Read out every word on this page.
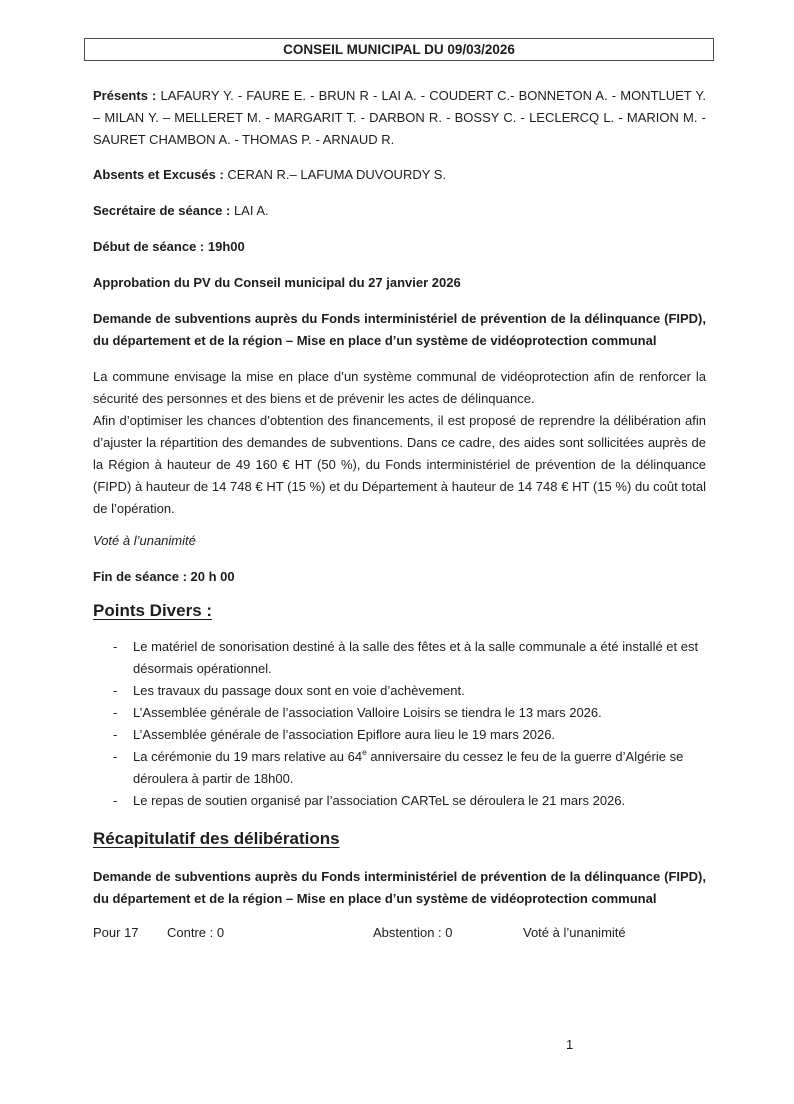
CONSEIL MUNICIPAL DU 09/03/2026

Présents : LAFAURY Y. - FAURE E. - BRUN R - LAI A. - COUDERT C.- BONNETON A. - MONTLUET Y. – MILAN Y. – MELLERET M. - MARGARIT T. - DARBON R. - BOSSY C. - LECLERCQ L. - MARION M. - SAURET CHAMBON A. - THOMAS P. - ARNAUD R.

Absents et Excusés : CERAN R.– LAFUMA DUVOURDY S.

Secrétaire de séance : LAI A.

Début de séance : 19h00

Approbation du PV du Conseil municipal du 27 janvier 2026

Demande de subventions auprès du Fonds interministériel de prévention de la délinquance (FIPD), du département et de la région – Mise en place d’un système de vidéoprotection communal

La commune envisage la mise en place d’un système communal de vidéoprotection afin de renforcer la sécurité des personnes et des biens et de prévenir les actes de délinquance.

Afin d’optimiser les chances d’obtention des financements, il est proposé de reprendre la délibération afin d’ajuster la répartition des demandes de subventions. Dans ce cadre, des aides sont sollicitées auprès de la Région à hauteur de 49 160 € HT (50 %), du Fonds interministériel de prévention de la délinquance (FIPD) à hauteur de 14 748 € HT (15 %) et du Département à hauteur de 14 748 € HT (15 %) du coût total de l’opération.

Voté à l’unanimité

Fin de séance : 20 h 00

Points Divers :
- Le matériel de sonorisation destiné à la salle des fêtes et à la salle communale a été installé et est désormais opérationnel.
- Les travaux du passage doux sont en voie d’achèvement.
- L’Assemblée générale de l’association Valloire Loisirs se tiendra le 13 mars 2026.
- L’Assemblée générale de l’association Epiflore aura lieu le 19 mars 2026.
- La cérémonie du 19 mars relative au 64e anniversaire du cessez le feu de la guerre d’Algérie se déroulera à partir de 18h00.
- Le repas de soutien organisé par l’association CARTeL se déroulera le 21 mars 2026.
Récapitulatif des délibérations

Demande de subventions auprès du Fonds interministériel de prévention de la délinquance (FIPD), du département et de la région – Mise en place d’un système de vidéoprotection communal

Pour 17	Contre : 0	Abstention : 0	Voté à l’unanimité
1
